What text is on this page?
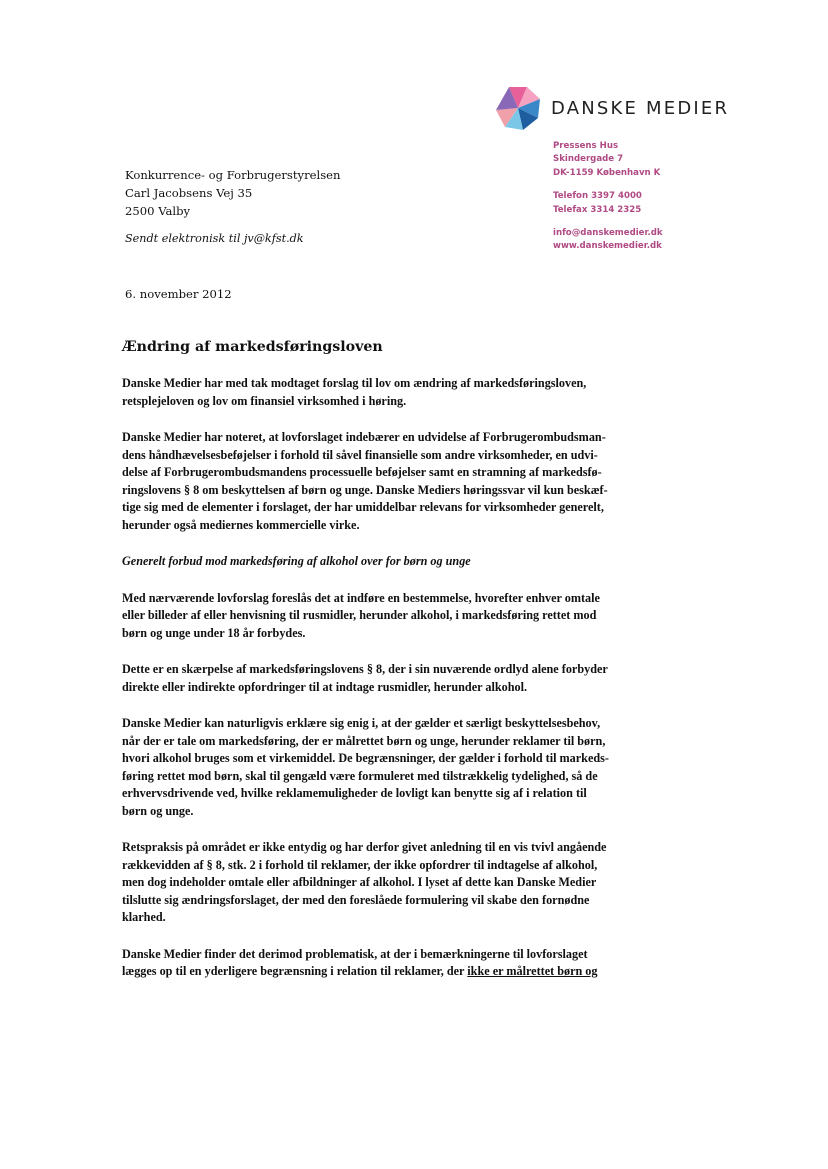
DANSKE MEDIER
Pressens Hus
Skindergade 7
DK-1159 København K
Telefon 3397 4000
Telefax 3314 2325
info@danskemedier.dk
www.danskemedier.dk
Konkurrence- og Forbrugerstyrelsen
Carl Jacobsens Vej 35
2500 Valby
Sendt elektronisk til jv@kfst.dk
6. november 2012
Ændring af markedsføringsloven
Danske Medier har med tak modtaget forslag til lov om ændring af markedsføringsloven,
retsplejeloven og lov om finansiel virksomhed i høring.
Danske Medier har noteret, at lovforslaget indebærer en udvidelse af Forbrugerombudsman-
dens håndhævelsesbeføjelser i forhold til såvel finansielle som andre virksomheder, en udvi-
delse af Forbrugerombudsmandens processuelle beføjelser samt en stramning af markedsfø-
ringslovens § 8 om beskyttelsen af børn og unge. Danske Mediers høringssvar vil kun beskæf-
tige sig med de elementer i forslaget, der har umiddelbar relevans for virksomheder generelt,
herunder også mediernes kommercielle virke.
Generelt forbud mod markedsføring af alkohol over for børn og unge
Med nærværende lovforslag foreslås det at indføre en bestemmelse, hvorefter enhver omtale
eller billeder af eller henvisning til rusmidler, herunder alkohol, i markedsføring rettet mod
børn og unge under 18 år forbydes.
Dette er en skærpelse af markedsføringslovens § 8, der i sin nuværende ordlyd alene forbyder
direkte eller indirekte opfordringer til at indtage rusmidler, herunder alkohol.
Danske Medier kan naturligvis erklære sig enig i, at der gælder et særligt beskyttelsesbehov,
når der er tale om markedsføring, der er målrettet børn og unge, herunder reklamer til børn,
hvori alkohol bruges som et virkemiddel. De begrænsninger, der gælder i forhold til markeds-
føring rettet mod børn, skal til gengæld være formuleret med tilstrækkelig tydelighed, så de
erhvervsdrivende ved, hvilke reklamemuligheder de lovligt kan benytte sig af i relation til
børn og unge.
Retspraksis på området er ikke entydig og har derfor givet anledning til en vis tvivl angående
rækkevidden af § 8, stk. 2 i forhold til reklamer, der ikke opfordrer til indtagelse af alkohol,
men dog indeholder omtale eller afbildninger af alkohol. I lyset af dette kan Danske Medier
tilslutte sig ændringsforslaget, der med den foreslåede formulering vil skabe den fornødne
klarhed.
Danske Medier finder det derimod problematisk, at der i bemærkningerne til lovforslaget
lægges op til en yderligere begrænsning i relation til reklamer, der ikke er målrettet børn og
